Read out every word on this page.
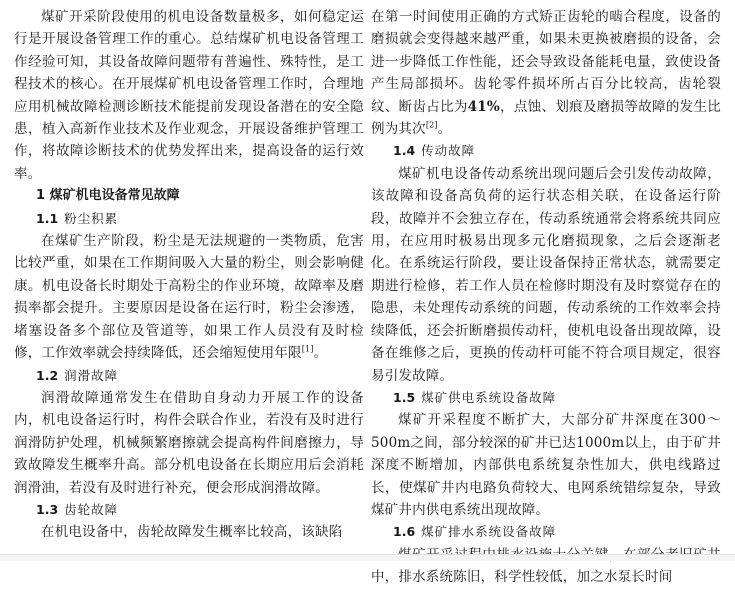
煤矿开采阶段使用的机电设备数量极多，如何稳定运行是开展设备管理工作的重心。总结煤矿机电设备管理工作经验可知，其设备故障问题带有普遍性、殊特性，是工程技术的核心。在开展煤矿机电设备管理工作时，合理地应用机械故障检测诊断技术能提前发现设备潜在的安全隐患，植入高新作业技术及作业观念，开展设备维护管理工作，将故障诊断技术的优势发挥出来，提高设备的运行效率。

1 煤矿机电设备常见故障

1.1 粉尘积累

在煤矿生产阶段，粉尘是无法规避的一类物质，危害比较严重，如果在工作期间吸入大量的粉尘，则会影响健康。机电设备长时期处于高粉尘的作业环境，故障率及磨损率都会提升。主要原因是设备在运行时，粉尘会渗透，堵塞设备多个部位及管道等，如果工作人员没有及时检修，工作效率就会持续降低，还会缩短使用年限[1]。

1.2 润滑故障

润滑故障通常发生在借助自身动力开展工作的设备内，机电设备运行时，构件会联合作业，若没有及时进行润滑防护处理，机械频繁磨擦就会提高构件间磨擦力，导致故障发生概率升高。部分机电设备在长期应用后会消耗润滑油，若没有及时进行补充，便会形成润滑故障。

1.3 齿轮故障

在机电设备中，齿轮故障发生概率比较高，该缺陷

在第一时间使用正确的方式矫正齿轮的啮合程度，设备的磨损就会变得越来越严重，如果未更换被磨损的设备，会进一步降低工作性能，还会导致设备能耗电量，致使设备产生局部损坏。齿轮零件损坏所占百分比较高，齿轮裂纹、断齿占比为41%，点蚀、划痕及磨损等故障的发生比例为其次[2]。

1.4 传动故障

煤矿机电设备传动系统出现问题后会引发传动故障，该故障和设备高负荷的运行状态相关联，在设备运行阶段，故障并不会独立存在，传动系统通常会将系统共同应用，在应用时极易出现多元化磨损现象，之后会逐渐老化。在系统运行阶段，要让设备保持正常状态，就需要定期进行检修，若工作人员在检修时期没有及时察觉存在的隐患，未处理传动系统的问题，传动系统的工作效率会持续降低，还会折断磨损传动杆，使机电设备出现故障，设备在维修之后，更换的传动杆可能不符合项目规定，很容易引发故障。

1.5 煤矿供电系统设备故障

煤矿开采程度不断扩大，大部分矿井深度在300～500m之间，部分较深的矿井已达1000m以上，由于矿井深度不断增加，内部供电系统复杂性加大，供电线路过长，使煤矿井内电路负荷较大、电网系统错综复杂，导致煤矿井内供电系统出现故障。

1.6 煤矿排水系统设备故障

中，排水系统陈旧，科学性较低，加之水泵长时间
